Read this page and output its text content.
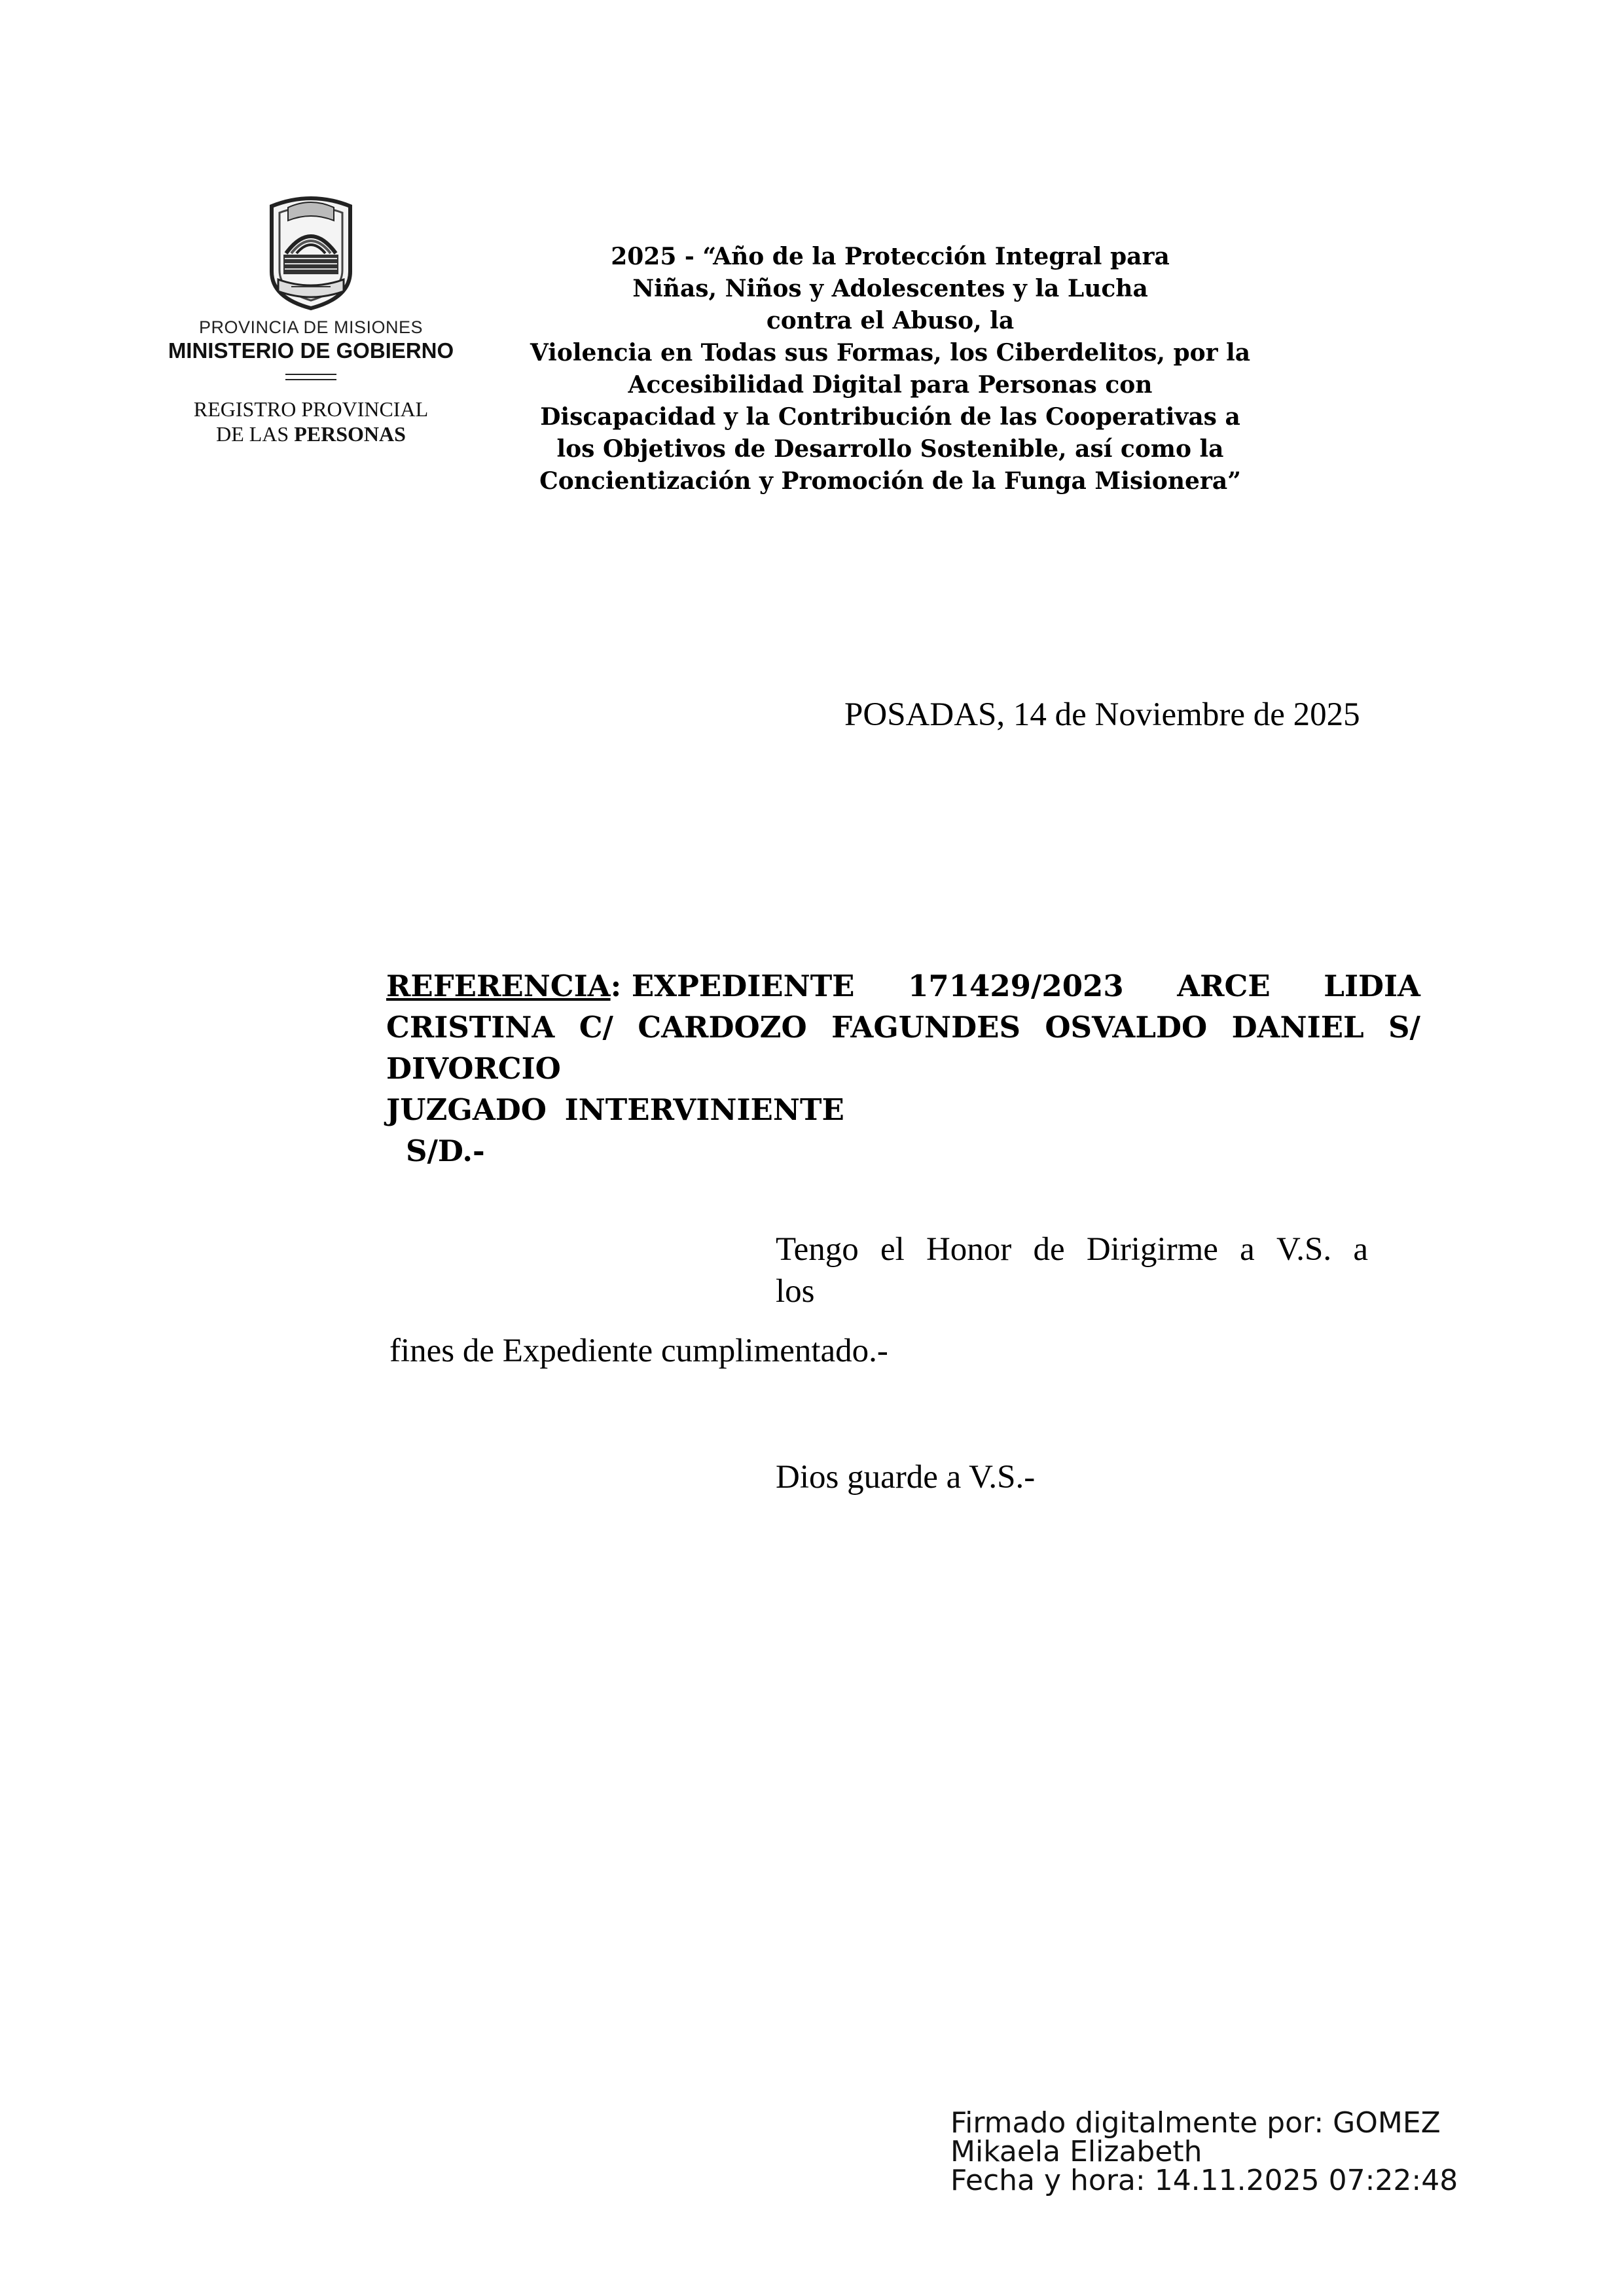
PROVINCIA DE MISIONES
MINISTERIO DE GOBIERNO
REGISTRO PROVINCIAL
DE LAS PERSONAS
2025 - “Año de la Protección Integral para
Niñas, Niños y Adolescentes y la Lucha
contra el Abuso, la
Violencia en Todas sus Formas, los Ciberdelitos, por la
Accesibilidad Digital para Personas con
Discapacidad y la Contribución de las Cooperativas a
los Objetivos de Desarrollo Sostenible, así como la
Concientización y Promoción de la Funga Misionera”
POSADAS, 14 de Noviembre de 2025
REFERENCIA: EXPEDIENTE 171429/2023 ARCE LIDIA
CRISTINA C/ CARDOZO FAGUNDES OSVALDO DANIEL S/
DIVORCIO
JUZGADO INTERVINIENTE
S/D.-
Tengo el Honor de Dirigirme a V.S. a
los
fines de Expediente cumplimentado.-
Dios guarde a V.S.-
Firmado digitalmente por: GOMEZ
Mikaela Elizabeth
Fecha y hora: 14.11.2025 07:22:48
